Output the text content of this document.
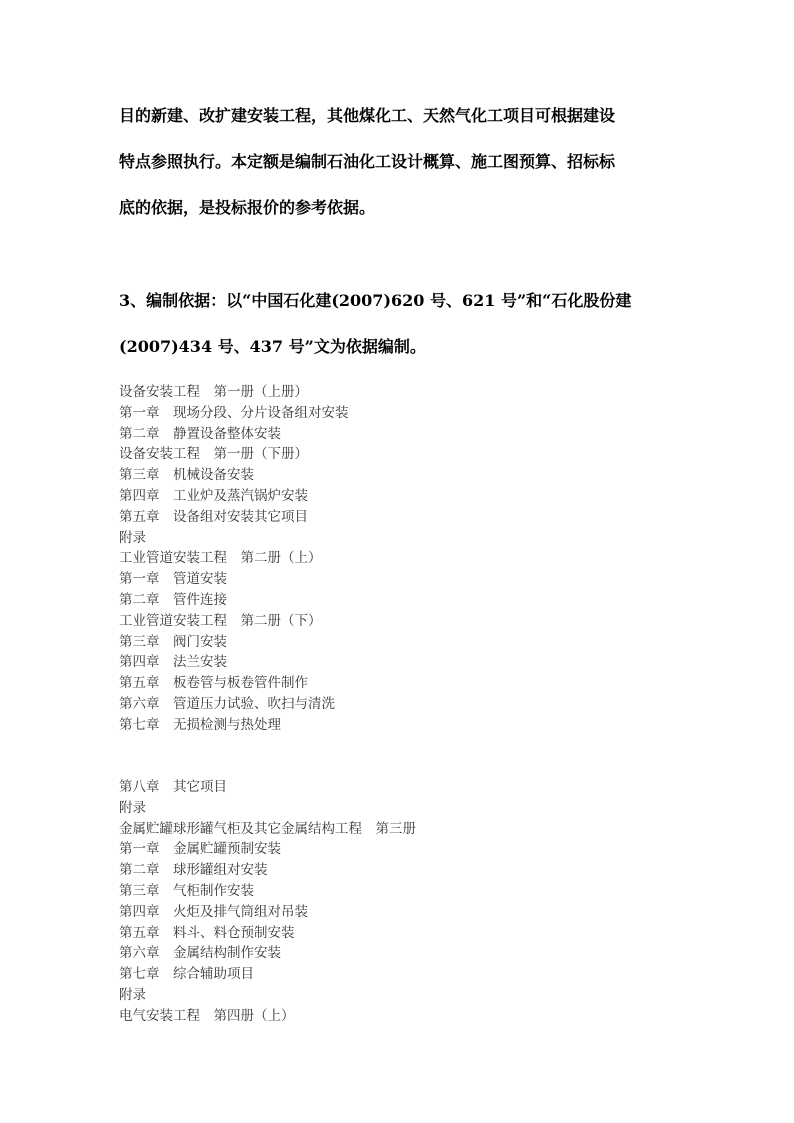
目的新建、改扩建安装工程，其他煤化工、天然气化工项目可根据建设
特点参照执行。本定额是编制石油化工设计概算、施工图预算、招标标
底的依据，是投标报价的参考依据。
3、编制依据：以“中国石化建(2007)620 号、621 号”和“石化股份建
(2007)434 号、437 号”文为依据编制。
设备安装工程　第一册（上册）
第一章　现场分段、分片设备组对安装
第二章　静置设备整体安装
设备安装工程　第一册（下册）
第三章　机械设备安装
第四章　工业炉及蒸汽锅炉安装
第五章　设备组对安装其它项目
附录
工业管道安装工程　第二册（上）
第一章　管道安装
第二章　管件连接
工业管道安装工程　第二册（下）
第三章　阀门安装
第四章　法兰安装
第五章　板卷管与板卷管件制作
第六章　管道压力试验、吹扫与清洗
第七章　无损检测与热处理
第八章　其它项目
附录
金属贮罐球形罐气柜及其它金属结构工程　第三册
第一章　金属贮罐预制安装
第二章　球形罐组对安装
第三章　气柜制作安装
第四章　火炬及排气筒组对吊装
第五章　料斗、料仓预制安装
第六章　金属结构制作安装
第七章　综合辅助项目
附录
电气安装工程　第四册（上）
